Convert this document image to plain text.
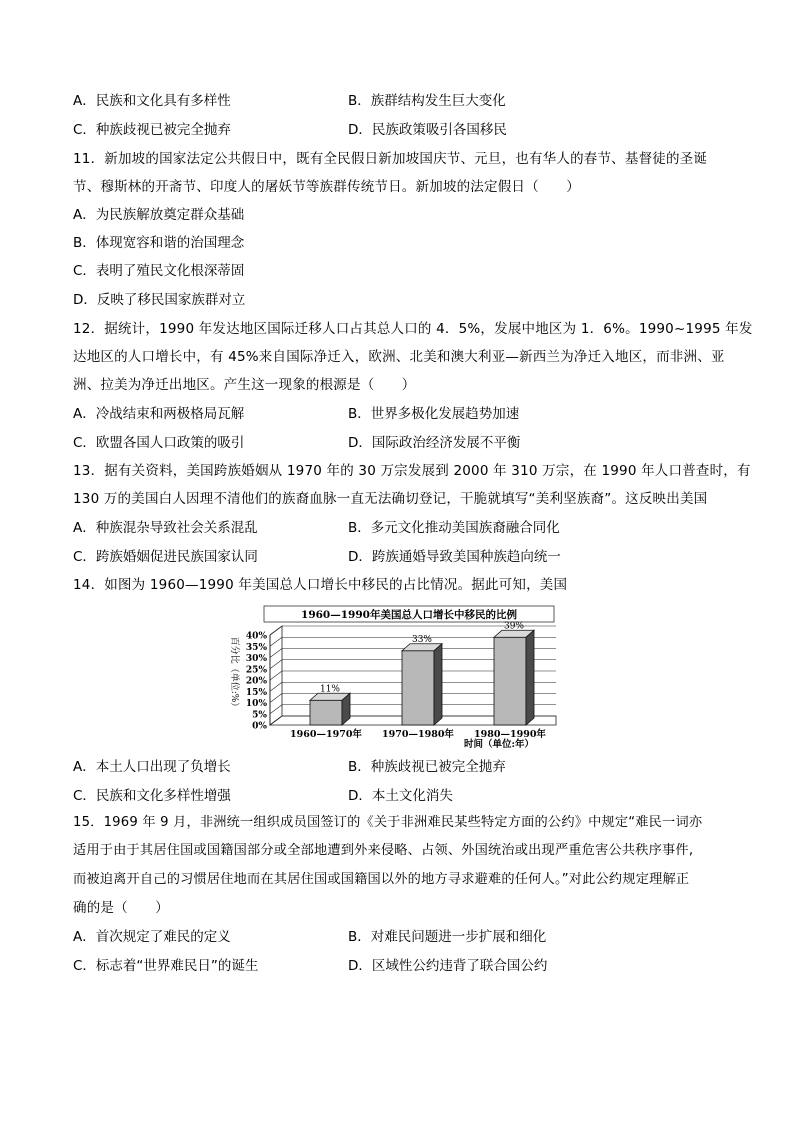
A．民族和文化具有多样性	B．族群结构发生巨大变化
C．种族歧视已被完全抛弃	D．民族政策吸引各国移民
11．新加坡的国家法定公共假日中，既有全民假日新加坡国庆节、元旦，也有华人的春节、基督徒的圣诞
节、穆斯林的开斋节、印度人的屠妖节等族群传统节日。新加坡的法定假日（　　）
A．为民族解放奠定群众基础
B．体现宽容和谐的治国理念
C．表明了殖民文化根深蒂固
D．反映了移民国家族群对立
12．据统计，1990 年发达地区国际迁移人口占其总人口的 4．5%，发展中地区为 1．6%。1990~1995 年发
达地区的人口增长中，有 45%来自国际净迁入，欧洲、北美和澳大利亚—新西兰为净迁入地区，而非洲、亚
洲、拉美为净迁出地区。产生这一现象的根源是（　　）
A．冷战结束和两极格局瓦解	B．世界多极化发展趋势加速
C．欧盟各国人口政策的吸引	D．国际政治经济发展不平衡
13．据有关资料，美国跨族婚姻从 1970 年的 30 万宗发展到 2000 年 310 万宗，在 1990 年人口普查时，有
130 万的美国白人因理不清他们的族裔血脉一直无法确切登记，干脆就填写“美利坚族裔”。这反映出美国
A．种族混杂导致社会关系混乱	B．多元文化推动美国族裔融合同化
C．跨族婚姻促进民族国家认同	D．跨族通婚导致美国种族趋向统一
14．如图为 1960—1990 年美国总人口增长中移民的占比情况。据此可知，美国
1960—1990年美国总人口增长中移民的比例
0%
5%
10%
15%
20%
25%
30%
35%
40%
11%
1960—1970年
33%
1970—1980年
39%
1980—1990年
百分比（单位:%）
时间（单位:年）
A．本土人口出现了负增长	B．种族歧视已被完全抛弃
C．民族和文化多样性增强	D．本土文化消失
15．1969 年 9 月，非洲统一组织成员国签订的《关于非洲难民某些特定方面的公约》中规定“难民一词亦
适用于由于其居住国或国籍国部分或全部地遭到外来侵略、占领、外国统治或出现严重危害公共秩序事件,
而被迫离开自己的习惯居住地而在其居住国或国籍国以外的地方寻求避难的任何人。”对此公约规定理解正
确的是（　　）
A．首次规定了难民的定义	B．对难民问题进一步扩展和细化
C．标志着“世界难民日”的诞生	D．区域性公约违背了联合国公约
